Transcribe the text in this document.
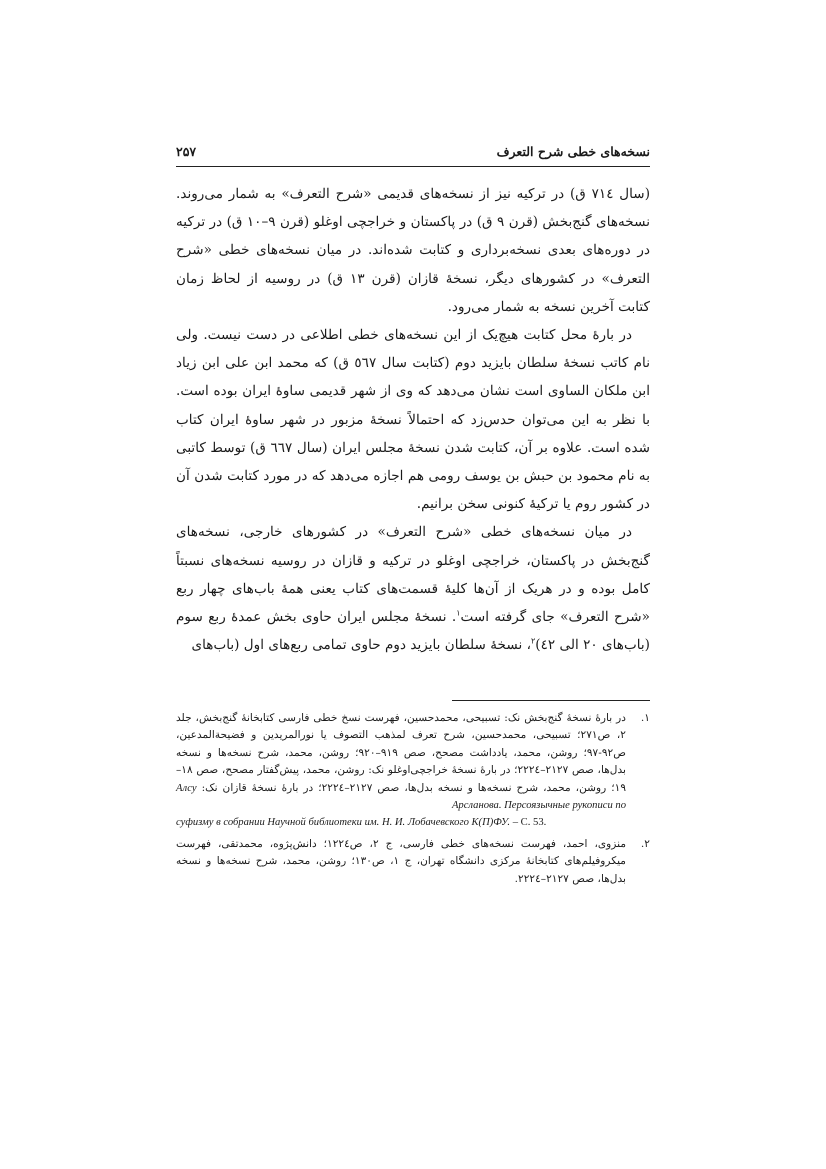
نسخه‌های خطی شرح التعرف
۲۵۷

(سال ۷۱٤ ق) در ترکیه نیز از نسخه‌های قدیمی «شرح التعرف» به شمار می‌روند. نسخه‌های گنج‌بخش (قرن ۹ ق) در پاکستان و خراجچی اوغلو (قرن ۹–۱۰ ق) در ترکیه در دوره‌های بعدی نسخه‌برداری و کتابت شده‌اند. در میان نسخه‌های خطی «شرح التعرف» در کشورهای دیگر، نسخهٔ قازان (قرن ۱۳ ق) در روسیه از لحاظ زمان کتابت آخرین نسخه به شمار می‌رود.

در بارهٔ محل کتابت هیچ‌یک از این نسخه‌های خطی اطلاعی در دست نیست. ولی نام کاتب نسخهٔ سلطان بایزید دوم (کتابت سال ٥٦۷ ق) که محمد ابن علی ابن زیاد ابن ملکان الساوی است نشان می‌دهد که وی از شهر قدیمی ساوهٔ ایران بوده است. با نظر به این می‌توان حدس‌زد که احتمالاً نسخهٔ مزبور در شهر ساوهٔ ایران کتاب شده است. علاوه بر آن، کتابت شدن نسخهٔ مجلس ایران (سال ٦٦۷ ق) توسط کاتبی به نام محمود بن حبش بن یوسف رومی هم اجازه می‌دهد که در مورد کتابت شدن آن در کشور روم یا ترکیهٔ کنونی سخن برانیم.

در میان نسخه‌های خطی «شرح التعرف» در کشورهای خارجی، نسخه‌های گنج‌بخش در پاکستان، خراجچی اوغلو در ترکیه و قازان در روسیه نسخه‌های نسبتاً کامل بوده و در هریک از آن‌ها کلیهٔ قسمت‌های کتاب یعنی همهٔ باب‌های چهار ربع «شرح التعرف» جای گرفته است$^۱$. نسخهٔ مجلس ایران حاوی بخش عمدهٔ ربع سوم (باب‌های ۲۰ الی ٤۲)$^۲$، نسخهٔ سلطان بایزید دوم حاوی تمامی ربع‌های اول (باب‌های

۱.
در بارهٔ نسخهٔ گنج‌بخش نک: تسبیحی، محمدحسین، فهرست نسخ خطی فارسی کتابخانهٔ گنج‌بخش، جلد ۲، ص۲۷۱؛ تسبیحی، محمدحسین، شرح تعرف لمذهب التصوف یا نورالمریدین و فضیحةالمدعین، ص۹۲-۹۷؛ روشن، محمد، یادداشت مصحح، صص ۹۱۹–۹۲۰؛ روشن، محمد، شرح نسخه‌ها و نسخه بدل‌ها، صص ۲۱۲۷–۲۲۲٤؛ در بارهٔ نسخهٔ خراجچی‌اوغلو نک: روشن، محمد، پیش‌گفتار مصحح، صص ۱۸–۱۹؛ روشن، محمد، شرح نسخه‌ها و نسخه بدل‌ها، صص ۲۱۲۷–۲۲۲٤؛ در بارهٔ نسخهٔ قازان نک: Алсу Арсланова. Персоязычные рукописи по
суфизму в собрании Научной библиотеки им. Н. И. Лобачевского К(П)ФУ. – С. 53.
۲.
منزوی، احمد، فهرست نسخه‌های خطی فارسی، ج ۲، ص۱۲۲٤؛ دانش‌پژوه، محمدتقی، فهرست میکروفیلم‌های کتابخانهٔ مرکزی دانشگاه تهران، ج ۱، ص۱۳۰؛ روشن، محمد، شرح نسخه‌ها و نسخه بدل‌ها، صص ۲۱۲۷–۲۲۲٤.
